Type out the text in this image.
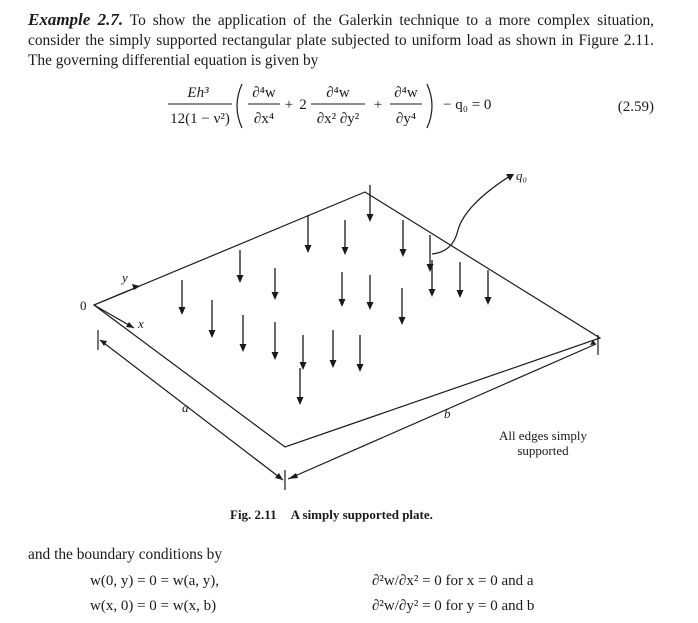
Example 2.7. To show the application of the Galerkin technique to a more complex situation, consider the simply supported rectangular plate subjected to uniform load as shown in Figure 2.11. The governing differential equation is given by
Eh³
12(1 − ν²)
∂⁴w
∂x⁴
+ 2
∂⁴w
∂x² ∂y²
+
∂⁴w
∂y⁴
− q₀ = 0	(2.59)
q₀
y
x
0
a	b
All edges simply supported
Fig. 2.11 A simply supported plate.
and the boundary conditions by
w(0, y) = 0 = w(a, y),
w(x, 0) = 0 = w(x, b)
∂²w/∂x² = 0 for x = 0 and a
∂²w/∂y² = 0 for y = 0 and b
